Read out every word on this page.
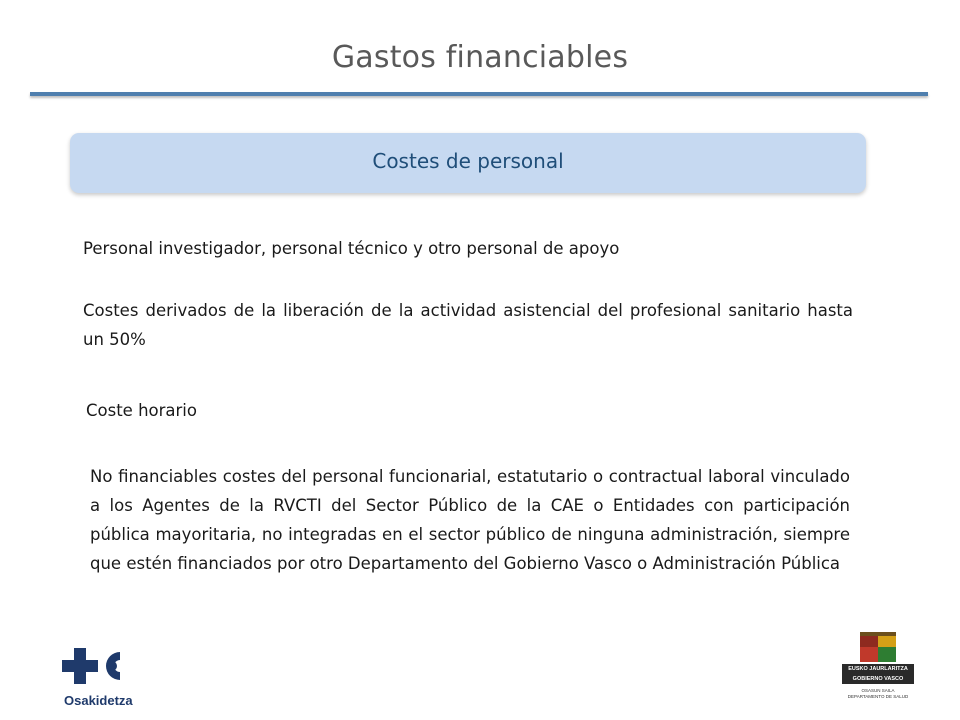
Gastos financiables
Costes de personal
Personal investigador, personal técnico y otro personal de apoyo
Costes derivados de la liberación de la actividad asistencial del profesional sanitario hasta un 50%
Coste horario
No financiables costes del personal funcionarial, estatutario o contractual laboral vinculado a los Agentes de la RVCTI del Sector Público de la CAE o Entidades con participación pública mayoritaria, no integradas en el sector público de ninguna administración, siempre que estén financiados por otro Departamento del Gobierno Vasco o Administración Pública
Osakidetza
EUSKO JAURLARITZA
GOBIERNO VASCO
OSASUN SAILA
DEPARTAMENTO DE SALUD
